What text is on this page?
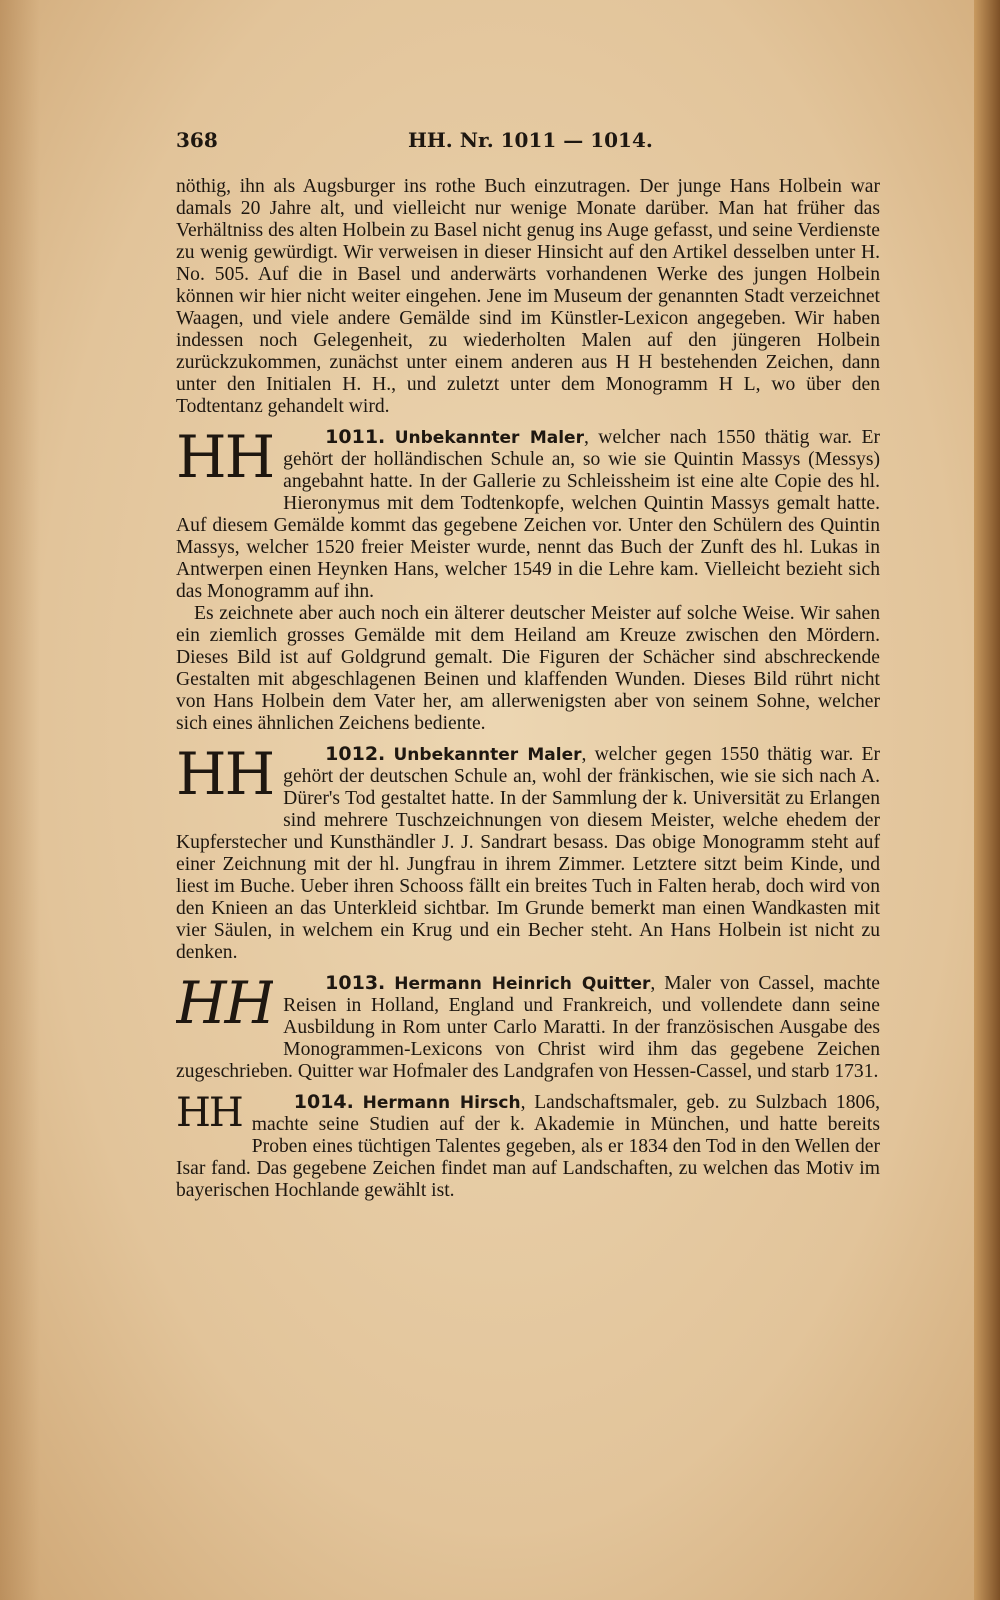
368	HH. Nr. 1011 — 1014.

nöthig, ihn als Augsburger ins rothe Buch einzutragen. Der junge Hans Holbein war damals 20 Jahre alt, und vielleicht nur wenige Monate darüber. Man hat früher das Verhältniss des alten Holbein zu Basel nicht genug ins Auge gefasst, und seine Verdienste zu wenig gewürdigt. Wir verweisen in dieser Hinsicht auf den Artikel desselben unter H. No. 505. Auf die in Basel und anderwärts vorhandenen Werke des jungen Holbein können wir hier nicht weiter eingehen. Jene im Museum der genannten Stadt verzeichnet Waagen, und viele andere Gemälde sind im Künstler-Lexicon angegeben. Wir haben indessen noch Gelegenheit, zu wiederholten Malen auf den jüngeren Holbein zurückzukommen, zunächst unter einem anderen aus H H bestehenden Zeichen, dann unter den Initialen H. H., und zuletzt unter dem Monogramm H L, wo über den Todtentanz gehandelt wird.

1011. Unbekannter Maler
HH	, welcher nach 1550 thätig war. Er gehört der holländischen Schule an, so wie sie Quintin Massys (Messys) angebahnt hatte. In der Gallerie zu Schleissheim ist eine alte Copie des hl. Hieronymus mit dem Todtenkopfe, welchen Quintin Massys gemalt hatte. Auf diesem Gemälde kommt das gegebene Zeichen vor. Unter den Schülern des Quintin Massys, welcher 1520 freier Meister wurde, nennt das Buch der Zunft des hl. Lukas in Antwerpen einen Heynken Hans, welcher 1549 in die Lehre kam. Vielleicht bezieht sich das Monogramm auf ihn.

Es zeichnete aber auch noch ein älterer deutscher Meister auf solche Weise. Wir sahen ein ziemlich grosses Gemälde mit dem Heiland am Kreuze zwischen den Mördern. Dieses Bild ist auf Goldgrund gemalt. Die Figuren der Schächer sind abschreckende Gestalten mit abgeschlagenen Beinen und klaffenden Wunden. Dieses Bild rührt nicht von Hans Holbein dem Vater her, am allerwenigsten aber von seinem Sohne, welcher sich eines ähnlichen Zeichens bediente.

1012. Unbekannter Maler
HH	, welcher gegen 1550 thätig war. Er gehört der deutschen Schule an, wohl der fränkischen, wie sie sich nach A. Dürer's Tod gestaltet hatte. In der Sammlung der k. Universität zu Erlangen sind mehrere Tuschzeichnungen von diesem Meister, welche ehedem der Kupferstecher und Kunsthändler J. J. Sandrart besass. Das obige Monogramm steht auf einer Zeichnung mit der hl. Jungfrau in ihrem Zimmer. Letztere sitzt beim Kinde, und liest im Buche. Ueber ihren Schooss fällt ein breites Tuch in Falten herab, doch wird von den Knieen an das Unterkleid sichtbar. Im Grunde bemerkt man einen Wandkasten mit vier Säulen, in welchem ein Krug und ein Becher steht. An Hans Holbein ist nicht zu denken.

1013. Hermann Heinrich Quitter
HH	, Maler von Cassel, machte Reisen in Holland, England und Frankreich, und vollendete dann seine Ausbildung in Rom unter Carlo Maratti. In der französischen Ausgabe des Monogrammen-Lexicons von Christ wird ihm das gegebene Zeichen zugeschrieben. Quitter war Hofmaler des Landgrafen von Hessen-Cassel, und starb 1731.

1014. Hermann Hirsch
HH	, Landschaftsmaler, geb. zu Sulzbach 1806, machte seine Studien auf der k. Akademie in München, und hatte bereits Proben eines tüchtigen Talentes gegeben, als er 1834 den Tod in den Wellen der Isar fand. Das gegebene Zeichen findet man auf Landschaften, zu welchen das Motiv im bayerischen Hochlande gewählt ist.
